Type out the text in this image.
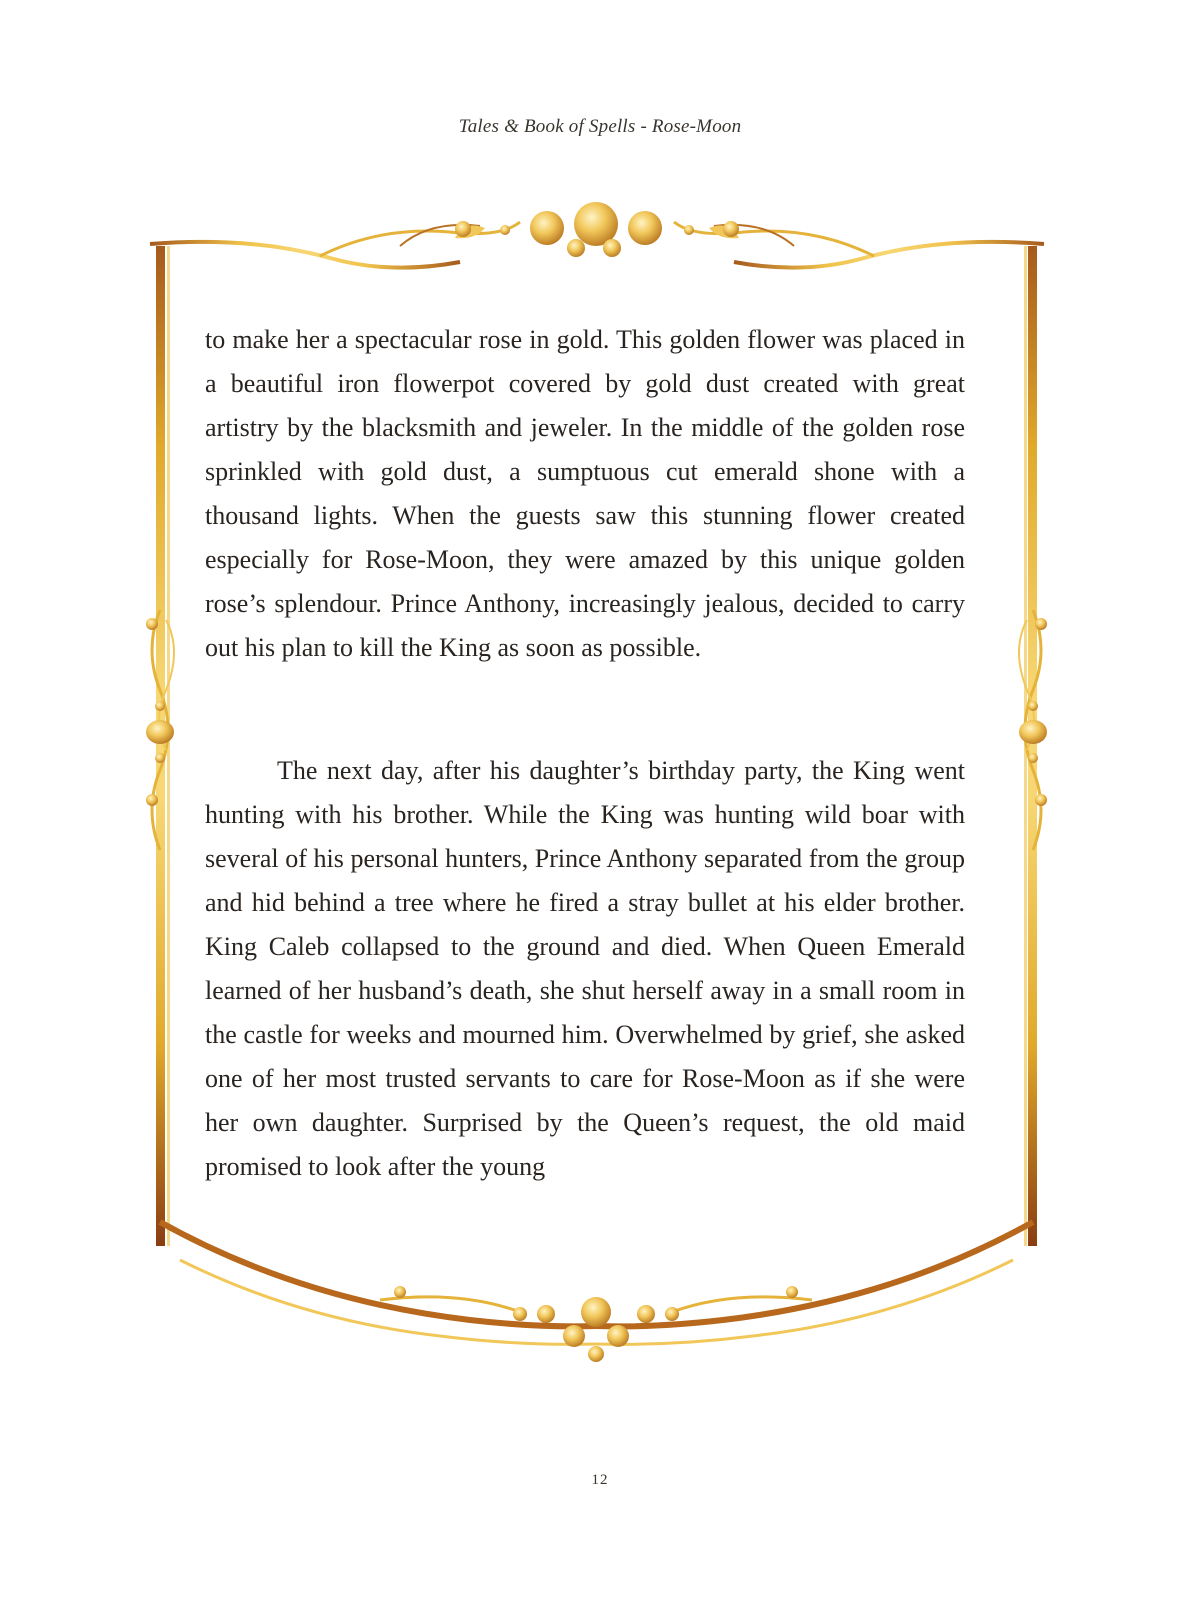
Tales & Book of Spells - Rose-Moon

to make her a spectacular rose in gold. This golden flower was placed in a beautiful iron flowerpot covered by gold dust created with great artistry by the blacksmith and jeweler. In the middle of the golden rose sprinkled with gold dust, a sumptuous cut emerald shone with a thousand lights. When the guests saw this stunning flower created especially for Rose-Moon, they were amazed by this unique golden rose’s splendour. Prince Anthony, increasingly jealous, decided to carry out his plan to kill the King as soon as possible.

The next day, after his daughter’s birthday party, the King went hunting with his brother. While the King was hunting wild boar with several of his personal hunters, Prince Anthony separated from the group and hid behind a tree where he fired a stray bullet at his elder brother. King Caleb collapsed to the ground and died. When Queen Emerald learned of her husband’s death, she shut herself away in a small room in the castle for weeks and mourned him. Overwhelmed by grief, she asked one of her most trusted servants to care for Rose-Moon as if she were her own daughter. Surprised by the Queen’s request, the old maid promised to look after the young

12
